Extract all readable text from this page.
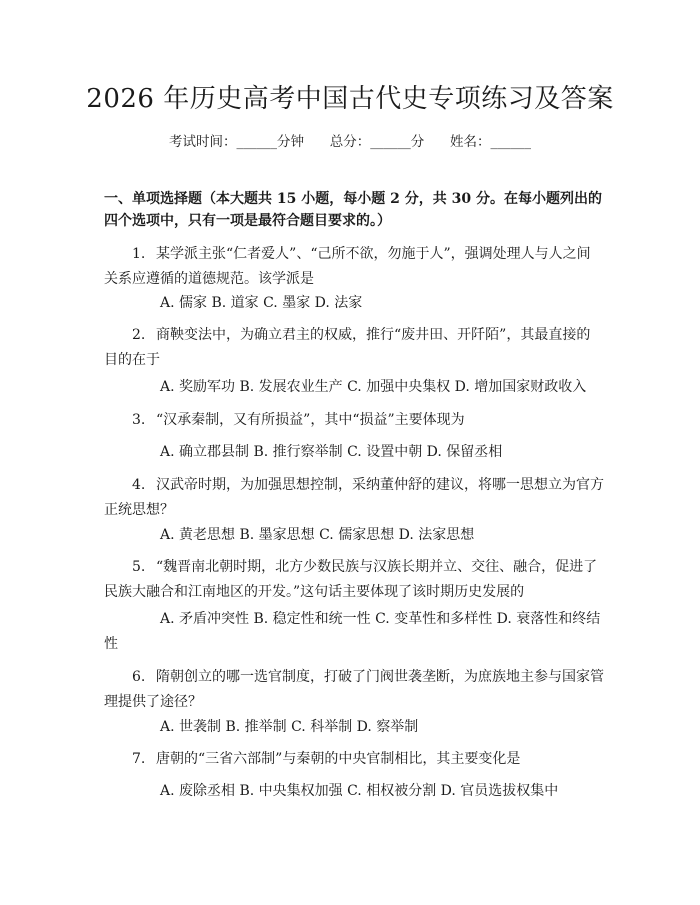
2026 年历史高考中国古代史专项练习及答案
考试时间：______分钟      总分：______分      姓名：______
一、单项选择题（本大题共 15 小题，每小题 2 分，共 30 分。在每小题列出的四个选项中，只有一项是最符合题目要求的。）
1. 某学派主张“仁者爱人”、“己所不欲，勿施于人”，强调处理人与人之间关系应遵循的道德规范。该学派是
A. 儒家 B. 道家 C. 墨家 D. 法家
2. 商鞅变法中，为确立君主的权威，推行“废井田、开阡陌”，其最直接的目的在于
A. 奖励军功 B. 发展农业生产 C. 加强中央集权 D. 增加国家财政收入
3. “汉承秦制，又有所损益”，其中“损益”主要体现为
A. 确立郡县制 B. 推行察举制 C. 设置中朝 D. 保留丞相
4. 汉武帝时期，为加强思想控制，采纳董仲舒的建议，将哪一思想立为官方正统思想？
A. 黄老思想 B. 墨家思想 C. 儒家思想 D. 法家思想
5. “魏晋南北朝时期，北方少数民族与汉族长期并立、交往、融合，促进了民族大融合和江南地区的开发。”这句话主要体现了该时期历史发展的
A. 矛盾冲突性 B. 稳定性和统一性 C. 变革性和多样性 D. 衰落性和终结性
6. 隋朝创立的哪一选官制度，打破了门阀世袭垄断，为庶族地主参与国家管理提供了途径？
A. 世袭制 B. 推举制 C. 科举制 D. 察举制
7. 唐朝的“三省六部制”与秦朝的中央官制相比，其主要变化是
A. 废除丞相 B. 中央集权加强 C. 相权被分割 D. 官员选拔权集中
